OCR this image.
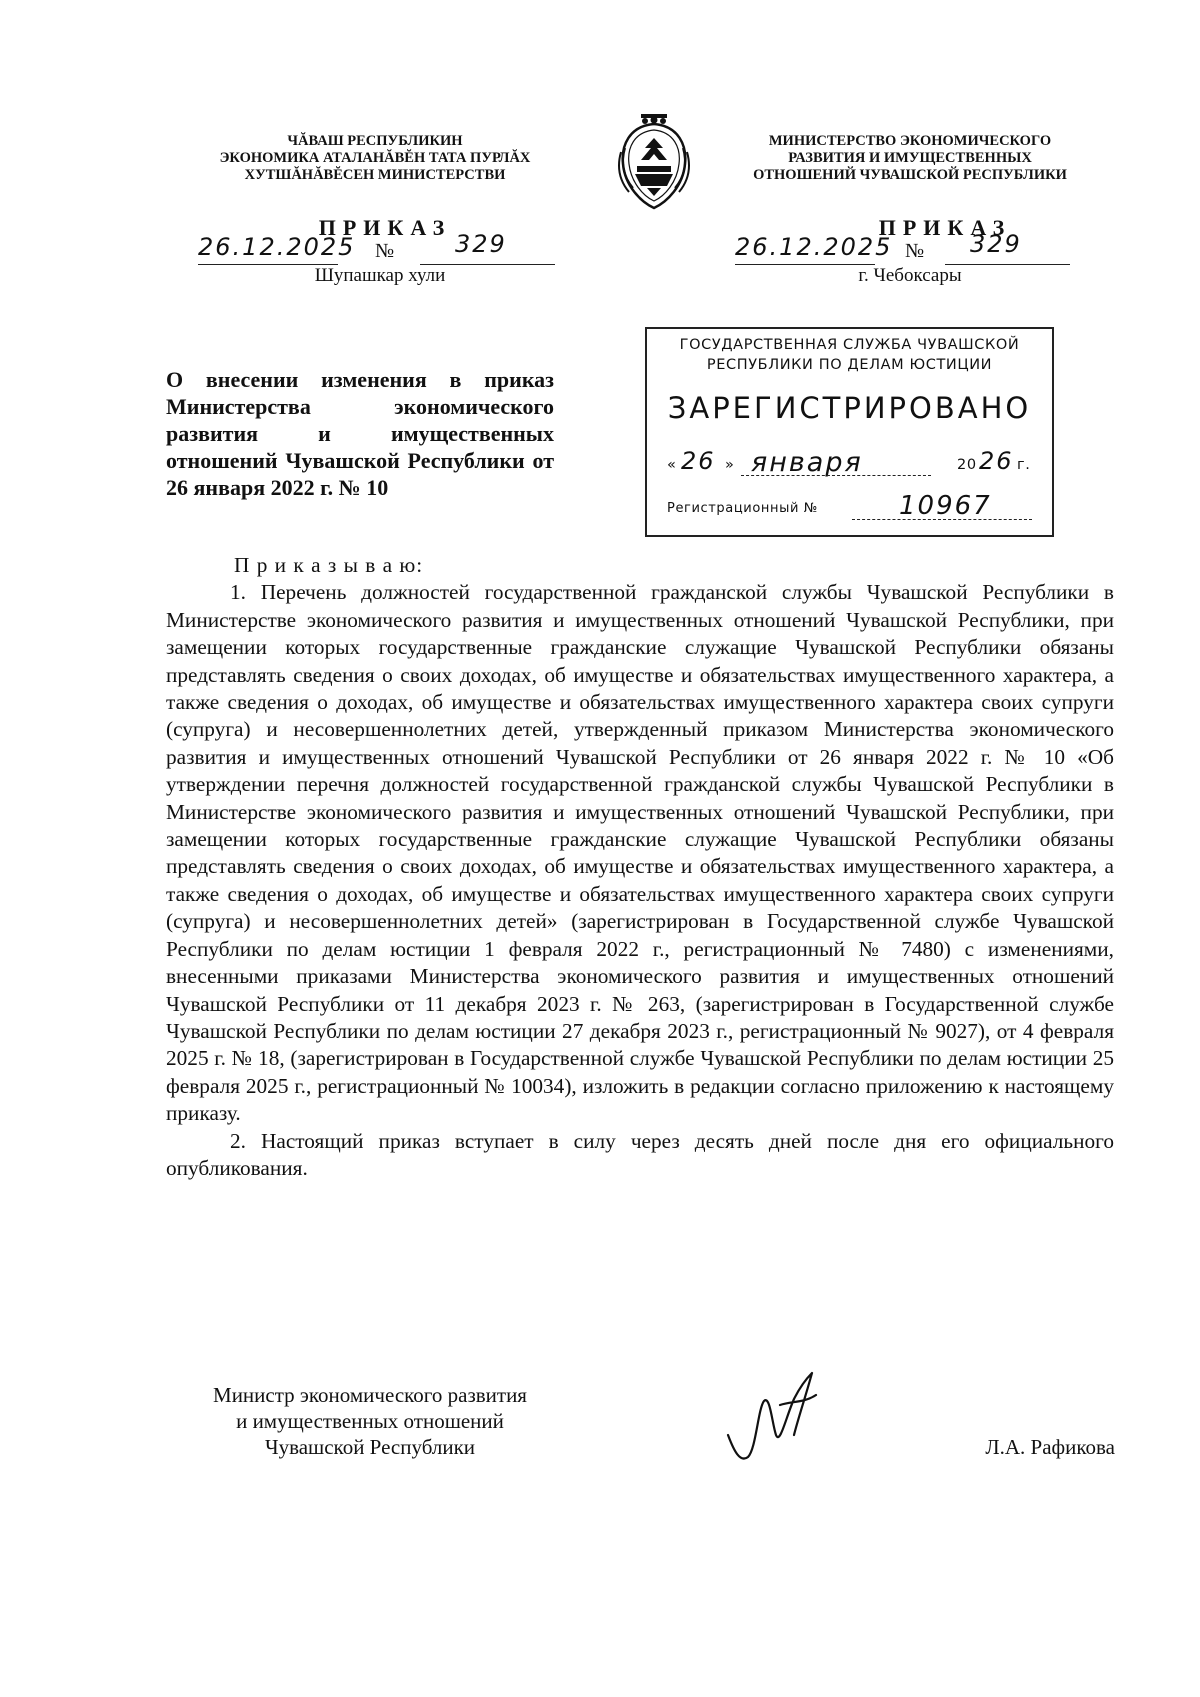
ЧĂВАШ РЕСПУБЛИКИН
ЭКОНОМИКА АТАЛАНĂВĔН ТАТА ПУРЛĂХ
ХУТШĂНĂВĔСЕН МИНИСТЕРСТВИ
МИНИСТЕРСТВО ЭКОНОМИЧЕСКОГО
РАЗВИТИЯ И ИМУЩЕСТВЕННЫХ
ОТНОШЕНИЙ ЧУВАШСКОЙ РЕСПУБЛИКИ
ПРИКАЗ
26.12.2025 №	329
Шупашкар хули
ПРИКАЗ
26.12.2025 № 329
г. Чебоксары
О внесении изменения в приказ Министерства экономического развития и имущественных отношений Чувашской Республики от 26 января 2022 г. № 10
ГОСУДАРСТВЕННАЯ СЛУЖБА ЧУВАШСКОЙ
РЕСПУБЛИКИ ПО ДЕЛАМ ЮСТИЦИИ
ЗАРЕГИСТРИРОВАНО
« 26 » января	20 26 г.
Регистрационный №	10967
П р и к а з ы в а ю:

1. Перечень должностей государственной гражданской службы Чувашской Республики в Министерстве экономического развития и имущественных отношений Чувашской Республики, при замещении которых государственные гражданские служащие Чувашской Республики обязаны представлять сведения о своих доходах, об имуществе и обязательствах имущественного характера, а также сведения о доходах, об имуществе и обязательствах имущественного характера своих супруги (супруга) и несовершеннолетних детей, утвержденный приказом Министерства экономического развития и имущественных отношений Чувашской Республики от 26 января 2022 г. № 10 «Об утверждении перечня должностей государственной гражданской службы Чувашской Республики в Министерстве экономического развития и имущественных отношений Чувашской Республики, при замещении которых государственные гражданские служащие Чувашской Республики обязаны представлять сведения о своих доходах, об имуществе и обязательствах имущественного характера, а также сведения о доходах, об имуществе и обязательствах имущественного характера своих супруги (супруга) и несовершеннолетних детей» (зарегистрирован в Государственной службе Чувашской Республики по делам юстиции 1 февраля 2022 г., регистрационный № 7480) с изменениями, внесенными приказами Министерства экономического развития и имущественных отношений Чувашской Республики от 11 декабря 2023 г. № 263, (зарегистрирован в Государственной службе Чувашской Республики по делам юстиции 27 декабря 2023 г., регистрационный № 9027), от 4 февраля 2025 г. № 18, (зарегистрирован в Государственной службе Чувашской Республики по делам юстиции 25 февраля 2025 г., регистрационный № 10034), изложить в редакции согласно приложению к настоящему приказу.

2. Настоящий приказ вступает в силу через десять дней после дня его официального опубликования.

Министр экономического развития
и имущественных отношений
Чувашской Республики	Л.А. Рафикова
